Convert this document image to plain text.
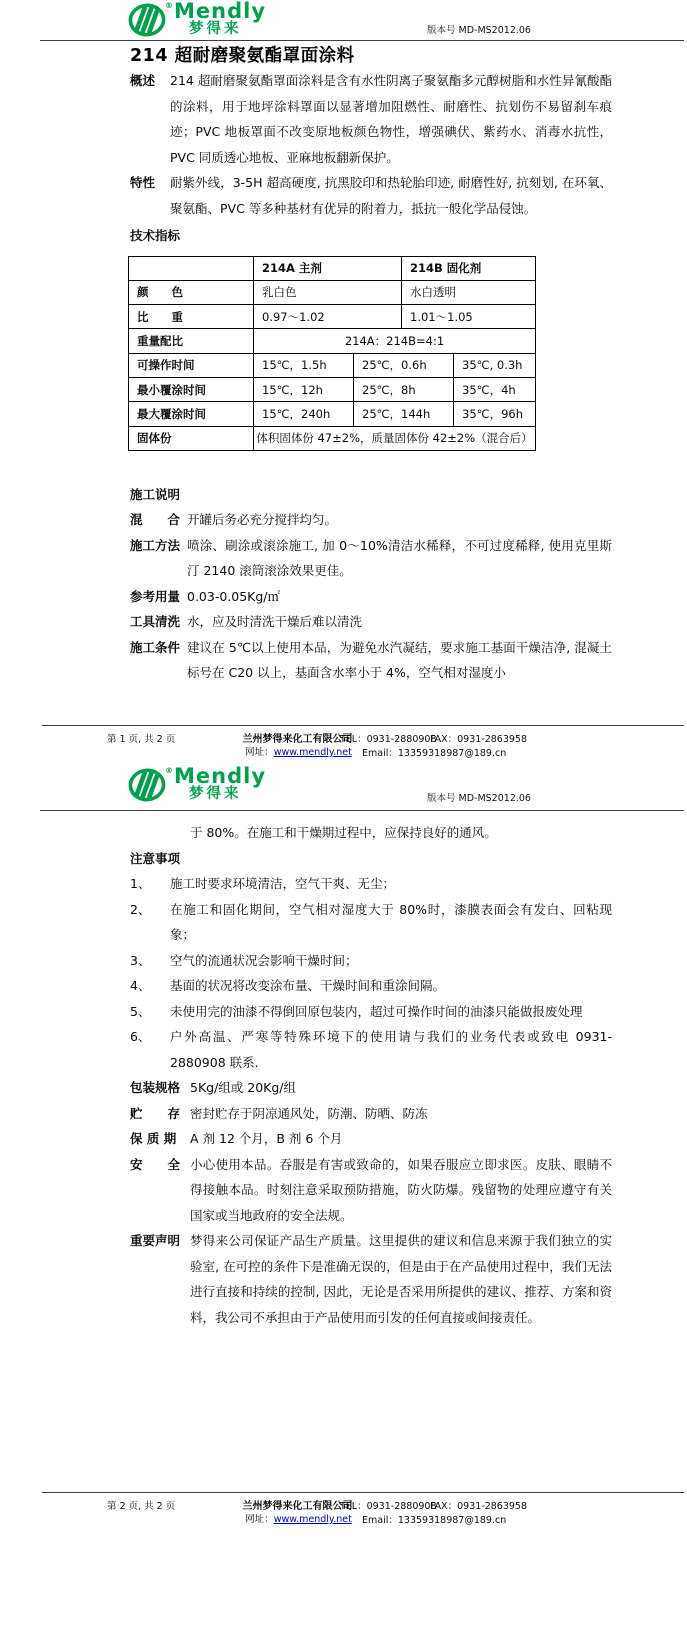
® Mendly
梦得来	版本号 MD-MS2012.06
214 超耐磨聚氨酯罩面涂料
概述	214 超耐磨聚氨酯罩面涂料是含有水性阴离子聚氨酯多元醇树脂和水性异氰酸酯的涂料，用于地坪涂料罩面以显著增加阻燃性、耐磨性、抗划伤不易留刹车痕迹；PVC 地板罩面不改变原地板颜色物性，增强碘伏、紫药水、消毒水抗性，PVC 同质透心地板、亚麻地板翻新保护。

特性	耐紫外线，3-5H 超高硬度, 抗黑胶印和热轮胎印迹, 耐磨性好, 抗刻划, 在环氧、聚氨酯、PVC 等多种基材有优异的附着力，抵抗一般化学品侵蚀。

技术指标
	214A 主剂		214B 固化剂	
颜　　色	乳白色		水白透明	
比　　重	0.97～1.02		1.01～1.05	
重量配比	214A：214B=4:1			
可操作时间	15℃，1.5h	25℃，0.6h		35℃, 0.3h
最小覆涂时间	15℃，12h	25℃，8h		35℃，4h
最大覆涂时间	15℃，240h	25℃，144h		35℃，96h
固体份	体积固体份 47±2%，质量固体份 42±2%（混合后）			
施工说明
混　　合 开罐后务必充分搅拌均匀。

施工方法 喷涂、刷涂或滚涂施工, 加 0～10%清洁水稀释，不可过度稀释, 使用克里斯汀 2140 滚筒滚涂效果更佳。

参考用量 0.03-0.05Kg/㎡

工具清洗 水，应及时清洗干燥后难以清洗

施工条件 建议在 5℃以上使用本品，为避免水汽凝结，要求施工基面干燥洁净, 混凝土标号在 C20 以上，基面含水率小于 4%，空气相对湿度小

第 1 页, 共 2 页	兰州梦得来化工有限公司
网址：www.mendly.net
TEL：0931-2880908
FAX：0931-2863958
Email：13359318987@189.cn
® Mendly
梦得来	版本号 MD-MS2012.06

于 80%。在施工和干燥期过程中，应保持良好的通风。

注意事项
1、	施工时要求环境清洁，空气干爽、无尘；

2、	在施工和固化期间，空气相对湿度大于 80%时，漆膜表面会有发白、回粘现象；

3、	空气的流通状况会影响干燥时间；

4、	基面的状况将改变涂布量、干燥时间和重涂间隔。

5、	未使用完的油漆不得倒回原包装内，超过可操作时间的油漆只能做报废处理

6、	户外高温、严寒等特殊环境下的使用请与我们的业务代表或致电 0931-2880908 联系.

包装规格 5Kg/组或 20Kg/组

贮　　存 密封贮存于阴凉通风处，防潮、防晒、防冻

保 质 期	A 剂 12 个月，B 剂 6 个月

安　　全 小心使用本品。吞服是有害或致命的，如果吞服应立即求医。皮肤、眼睛不得接触本品。时刻注意采取预防措施，防火防爆。残留物的处理应遵守有关国家或当地政府的安全法规。

重要声明 梦得来公司保证产品生产质量。这里提供的建议和信息来源于我们独立的实验室, 在可控的条件下是准确无误的，但是由于在产品使用过程中，我们无法进行直接和持续的控制, 因此，无论是否采用所提供的建议、推荐、方案和资料，我公司不承担由于产品使用而引发的任何直接或间接责任。

第 2 页, 共 2 页	兰州梦得来化工有限公司
网址：www.mendly.net
TEL：0931-2880908
FAX：0931-2863958
Email：13359318987@189.cn
